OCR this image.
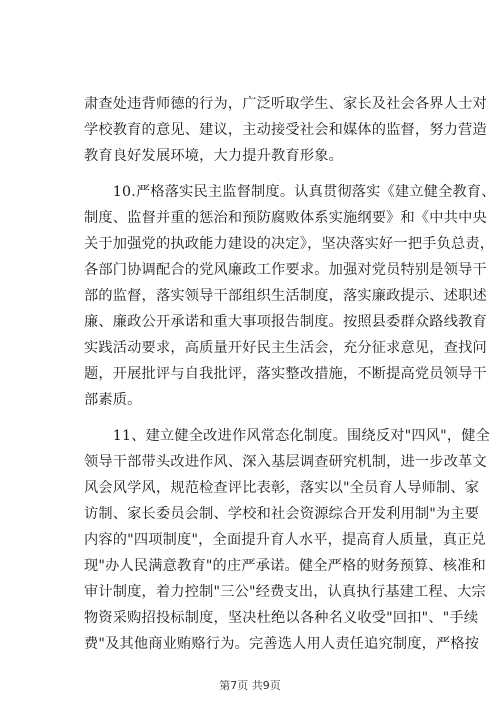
肃查处违背师德的行为，广泛听取学生、家长及社会各界人士对
学校教育的意见、建议，主动接受社会和媒体的监督，努力营造
教育良好发展环境，大力提升教育形象。
　　10.严格落实民主监督制度。认真贯彻落实《建立健全教育、
制度、监督并重的惩治和预防腐败体系实施纲要》和《中共中央
关于加强党的执政能力建设的决定》，坚决落实好一把手负总责，
各部门协调配合的党风廉政工作要求。加强对党员特别是领导干
部的监督，落实领导干部组织生活制度，落实廉政提示、述职述
廉、廉政公开承诺和重大事项报告制度。按照县委群众路线教育
实践活动要求，高质量开好民主生活会，充分征求意见，查找问
题，开展批评与自我批评，落实整改措施，不断提高党员领导干
部素质。
　　11、建立健全改进作风常态化制度。围绕反对"四风"，健全
领导干部带头改进作风、深入基层调查研究机制，进一步改革文
风会风学风，规范检查评比表彰，落实以"全员育人导师制、家
访制、家长委员会制、学校和社会资源综合开发利用制"为主要
内容的"四项制度"，全面提升育人水平，提高育人质量，真正兑
现"办人民满意教育"的庄严承诺。健全严格的财务预算、核准和
审计制度，着力控制"三公"经费支出，认真执行基建工程、大宗
物资采购招投标制度，坚决杜绝以各种名义收受"回扣"、"手续
费"及其他商业贿赂行为。完善选人用人责任追究制度，严格按
第7页 共9页
